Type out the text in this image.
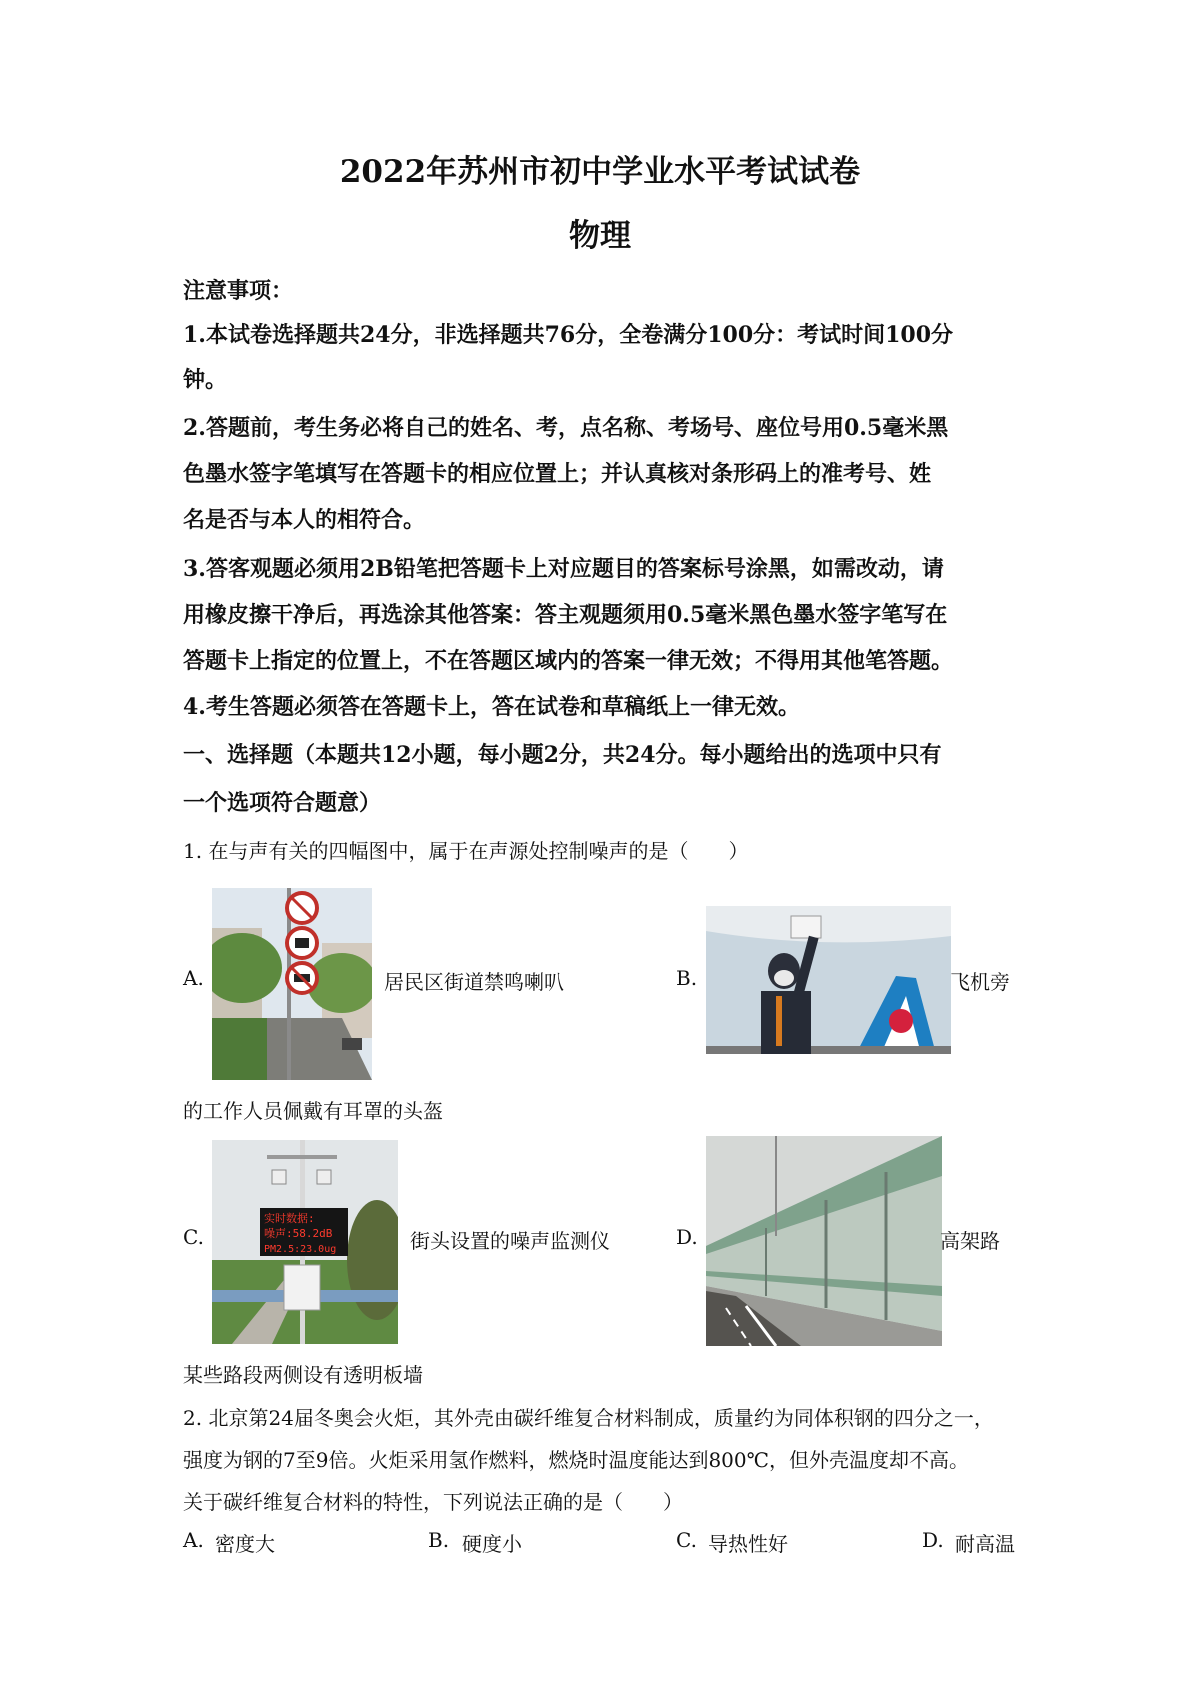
2022年苏州市初中学业水平考试试卷
物理
注意事项：
1.本试卷选择题共24分，非选择题共76分，全卷满分100分：考试时间100分
钟。
2.答题前，考生务必将自己的姓名、考，点名称、考场号、座位号用0.5毫米黑
色墨水签字笔填写在答题卡的相应位置上；并认真核对条形码上的准考号、姓
名是否与本人的相符合。
3.答客观题必须用2B铅笔把答题卡上对应题目的答案标号涂黑，如需改动，请
用橡皮擦干净后，再选涂其他答案：答主观题须用0.5毫米黑色墨水签字笔写在
答题卡上指定的位置上，不在答题区域内的答案一律无效；不得用其他笔答题。
4.考生答题必须答在答题卡上，答在试卷和草稿纸上一律无效。
一、选择题（本题共12小题，每小题2分，共24分。每小题给出的选项中只有
一个选项符合题意）
1. 在与声有关的四幅图中，属于在声源处控制噪声的是（　　）
A.	居民区街道禁鸣喇叭	B.	飞机旁
的工作人员佩戴有耳罩的头盔
C.
实时数据:
噪声:58.2dB
PM2.5:23.0ug	街头设置的噪声监测仪	D.	高架路
某些路段两侧设有透明板墙
2. 北京第24届冬奥会火炬，其外壳由碳纤维复合材料制成，质量约为同体积钢的四分之一，
强度为钢的7至9倍。火炬采用氢作燃料，燃烧时温度能达到800℃，但外壳温度却不高。
关于碳纤维复合材料的特性，下列说法正确的是（　　）
A. 密度大	B. 硬度小	C. 导热性好	D. 耐高温
